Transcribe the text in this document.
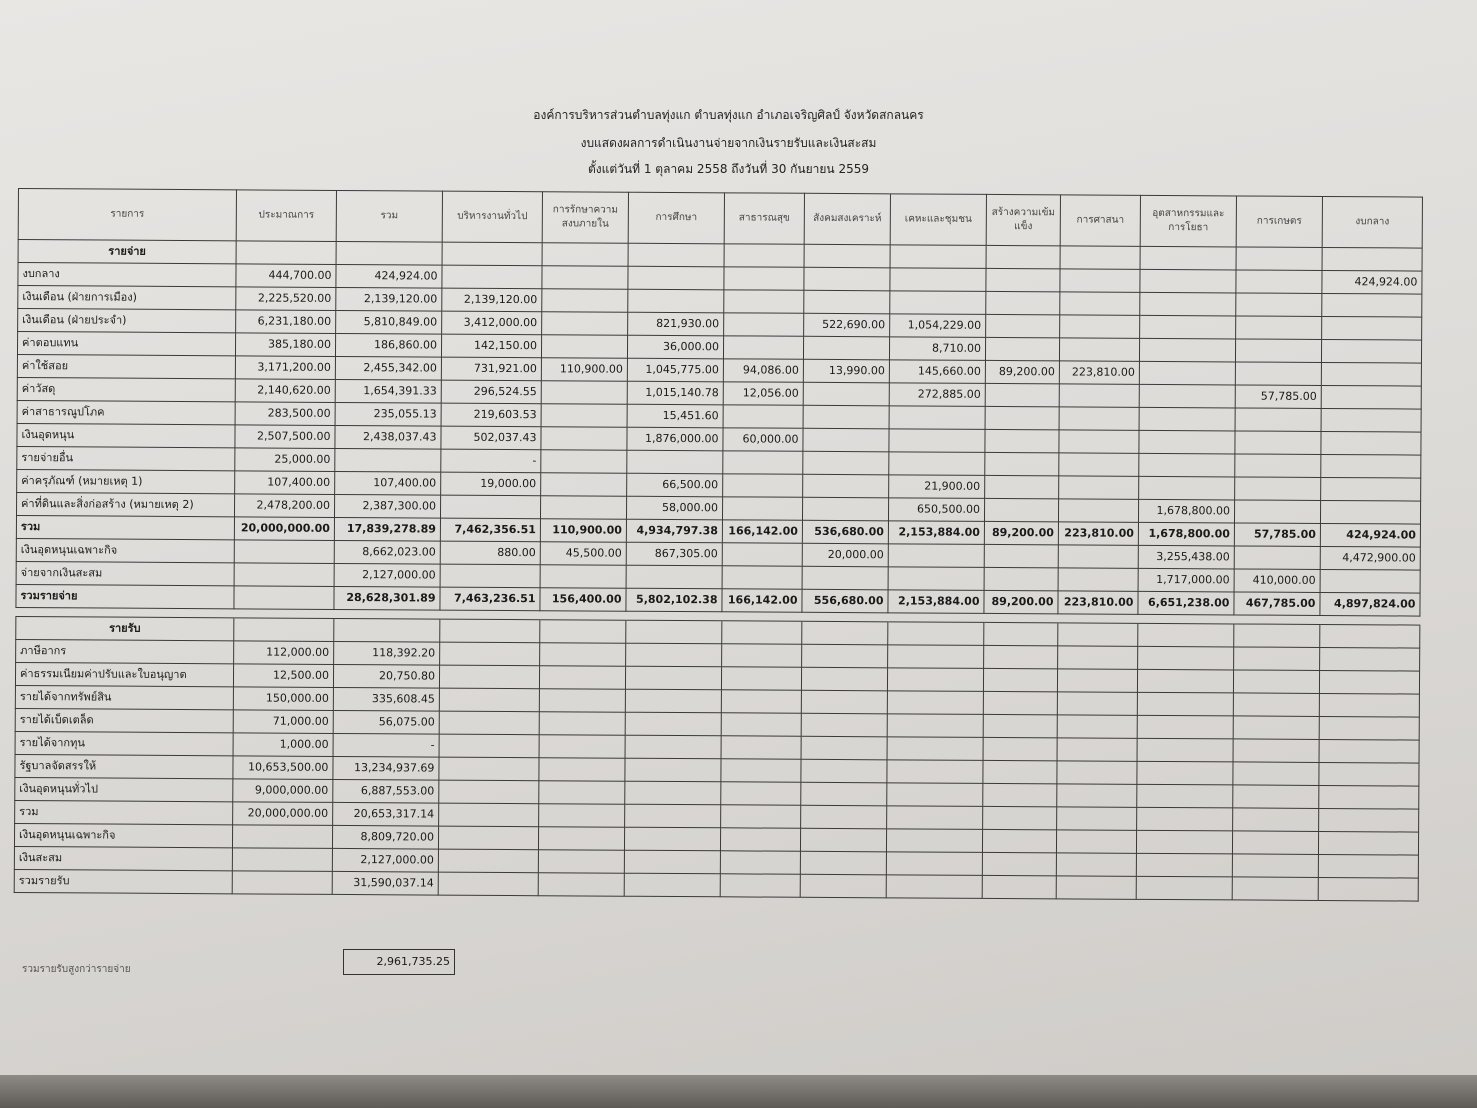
องค์การบริหารส่วนตำบลทุ่งแก ตำบลทุ่งแก อำเภอเจริญศิลป์ จังหวัดสกลนคร
งบแสดงผลการดำเนินงานจ่ายจากเงินรายรับและเงินสะสม
ตั้งแต่วันที่ 1 ตุลาคม 2558 ถึงวันที่ 30 กันยายน 2559
รายการ	ประมาณการ	รวม	บริหารงานทั่วไป	การรักษาความสงบภายใน	การศึกษา	สาธารณสุข	สังคมสงเคราะห์	เคหะและชุมชน	สร้างความเข้มแข็ง	การศาสนา	อุตสาหกรรมและการโยธา	การเกษตร	งบกลาง
รายจ่าย													
งบกลาง	444,700.00	424,924.00											424,924.00
เงินเดือน (ฝ่ายการเมือง)	2,225,520.00	2,139,120.00	2,139,120.00										
เงินเดือน (ฝ่ายประจำ)	6,231,180.00	5,810,849.00	3,412,000.00		821,930.00		522,690.00	1,054,229.00					
ค่าตอบแทน	385,180.00	186,860.00	142,150.00		36,000.00			8,710.00					
ค่าใช้สอย	3,171,200.00	2,455,342.00	731,921.00	110,900.00	1,045,775.00	94,086.00	13,990.00	145,660.00	89,200.00	223,810.00			
ค่าวัสดุ	2,140,620.00	1,654,391.33	296,524.55		1,015,140.78	12,056.00		272,885.00				57,785.00	
ค่าสาธารณูปโภค	283,500.00	235,055.13	219,603.53		15,451.60								
เงินอุดหนุน	2,507,500.00	2,438,037.43	502,037.43		1,876,000.00	60,000.00							
รายจ่ายอื่น	25,000.00		-										
ค่าครุภัณฑ์ (หมายเหตุ 1)	107,400.00	107,400.00	19,000.00		66,500.00			21,900.00					
ค่าที่ดินและสิ่งก่อสร้าง (หมายเหตุ 2)	2,478,200.00	2,387,300.00			58,000.00			650,500.00			1,678,800.00		
รวม	20,000,000.00	17,839,278.89	7,462,356.51	110,900.00	4,934,797.38	166,142.00	536,680.00	2,153,884.00	89,200.00	223,810.00	1,678,800.00	57,785.00	424,924.00
เงินอุดหนุนเฉพาะกิจ		8,662,023.00	880.00	45,500.00	867,305.00		20,000.00				3,255,438.00		4,472,900.00
จ่ายจากเงินสะสม		2,127,000.00									1,717,000.00	410,000.00	
รวมรายจ่าย		28,628,301.89	7,463,236.51	156,400.00	5,802,102.38	166,142.00	556,680.00	2,153,884.00	89,200.00	223,810.00	6,651,238.00	467,785.00	4,897,824.00

รายรับ													
ภาษีอากร	112,000.00	118,392.20											
ค่าธรรมเนียมค่าปรับและใบอนุญาต	12,500.00	20,750.80											
รายได้จากทรัพย์สิน	150,000.00	335,608.45											
รายได้เบ็ดเตล็ด	71,000.00	56,075.00											
รายได้จากทุน	1,000.00	-											
รัฐบาลจัดสรรให้	10,653,500.00	13,234,937.69											
เงินอุดหนุนทั่วไป	9,000,000.00	6,887,553.00											
รวม	20,000,000.00	20,653,317.14											
เงินอุดหนุนเฉพาะกิจ		8,809,720.00											
เงินสะสม		2,127,000.00											
รวมรายรับ		31,590,037.14											
รวมรายรับสูงกว่ารายจ่าย
2,961,735.25
